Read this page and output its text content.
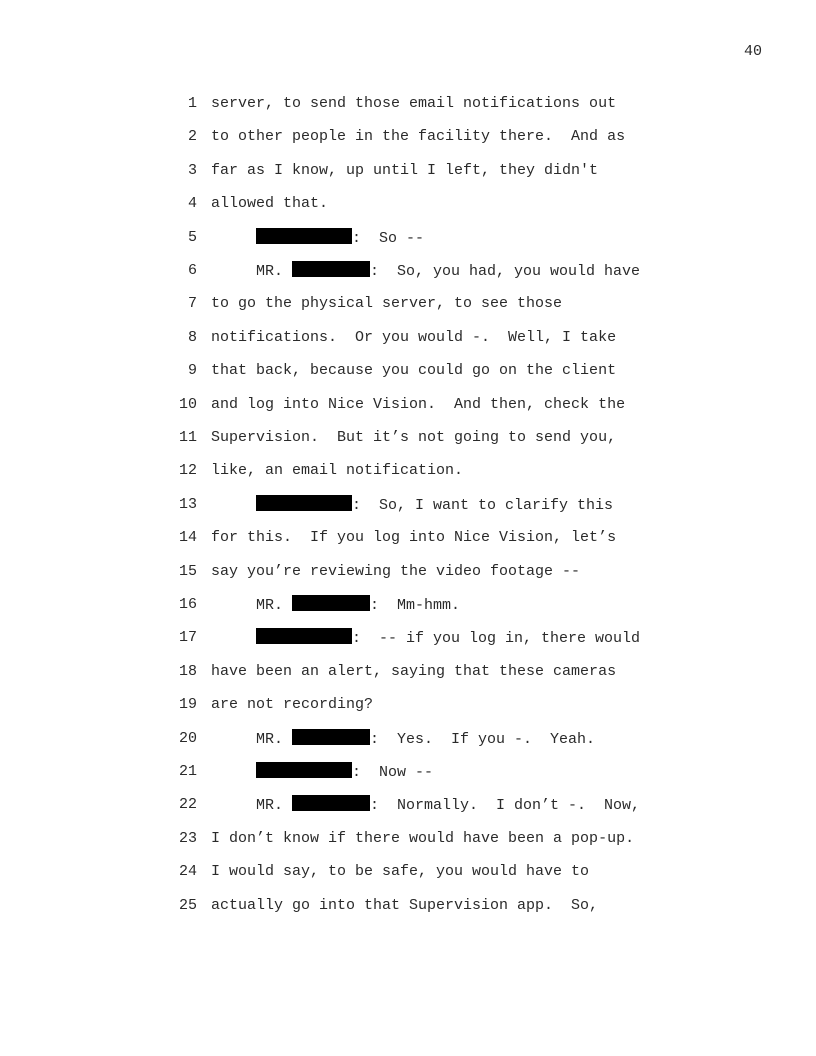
40
1 server, to send those email notifications out
2 to other people in the facility there.  And as
3 far as I know, up until I left, they didn't
4 allowed that.
5	:  So --
6 MR.	:  So, you had, you would have
7 to go the physical server, to see those
8 notifications.  Or you would -.  Well, I take
9 that back, because you could go on the client
10 and log into Nice Vision.  And then, check the
11 Supervision.  But it’s not going to send you,
12 like, an email notification.
13	:  So, I want to clarify this
14 for this.  If you log into Nice Vision, let’s
15 say you’re reviewing the video footage --
16 MR.	:  Mm-hmm.
17	:  -- if you log in, there would
18 have been an alert, saying that these cameras
19 are not recording?
20 MR.	:  Yes.  If you -.  Yeah.
21	:  Now --
22 MR.	:  Normally.  I don’t -.  Now,
23 I don’t know if there would have been a pop-up.
24 I would say, to be safe, you would have to
25 actually go into that Supervision app.  So,
